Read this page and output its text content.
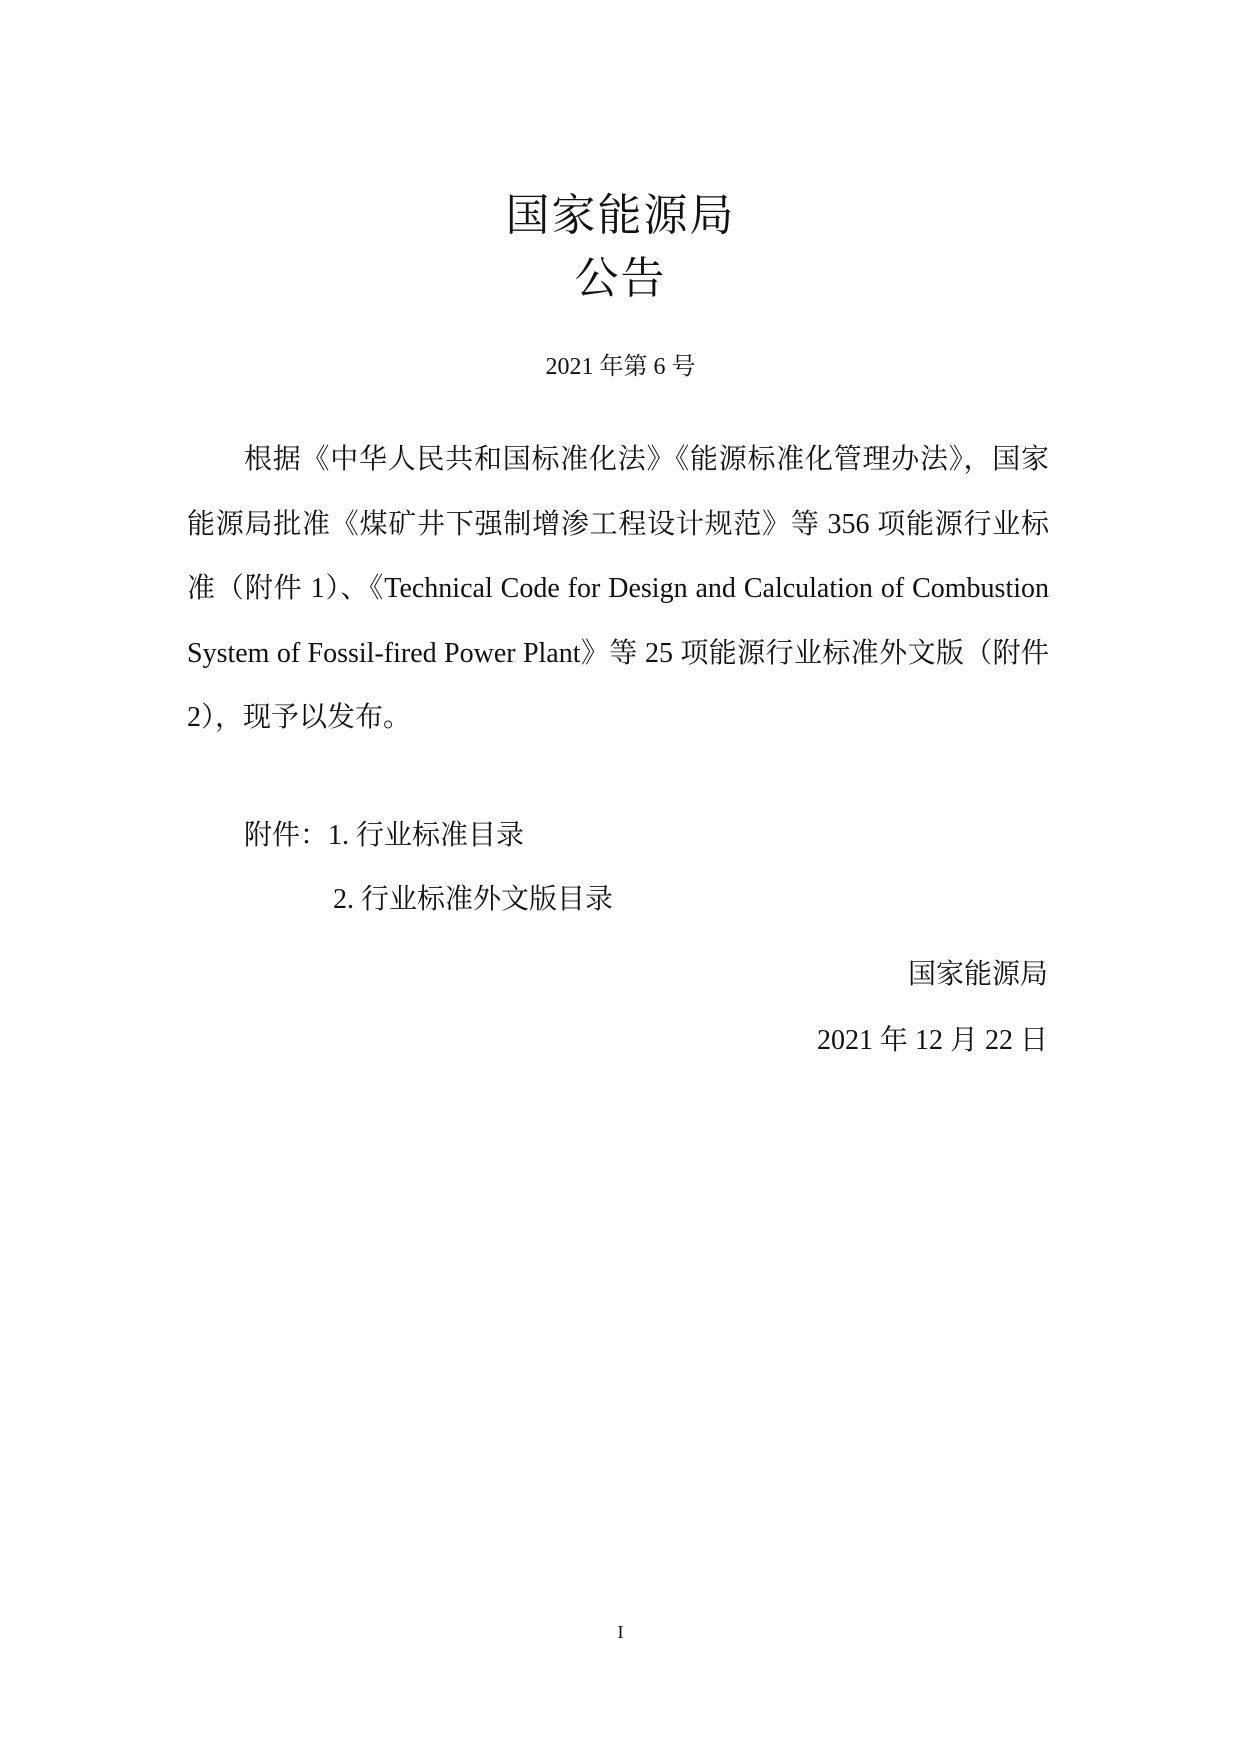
国家能源局
公告
2021 年第 6 号

根据《中华人民共和国标准化法》《能源标准化管理办法》，国家能源局批准《煤矿井下强制增渗工程设计规范》等 356 项能源行业标准（附件 1）、《Technical Code for Design and Calculation of Combustion System of Fossil-fired Power Plant》等 25 项能源行业标准外文版（附件 2），现予以发布。

附件：1. 行业标准目录
2. 行业标准外文版目录
国家能源局
2021 年 12 月 22 日
I
